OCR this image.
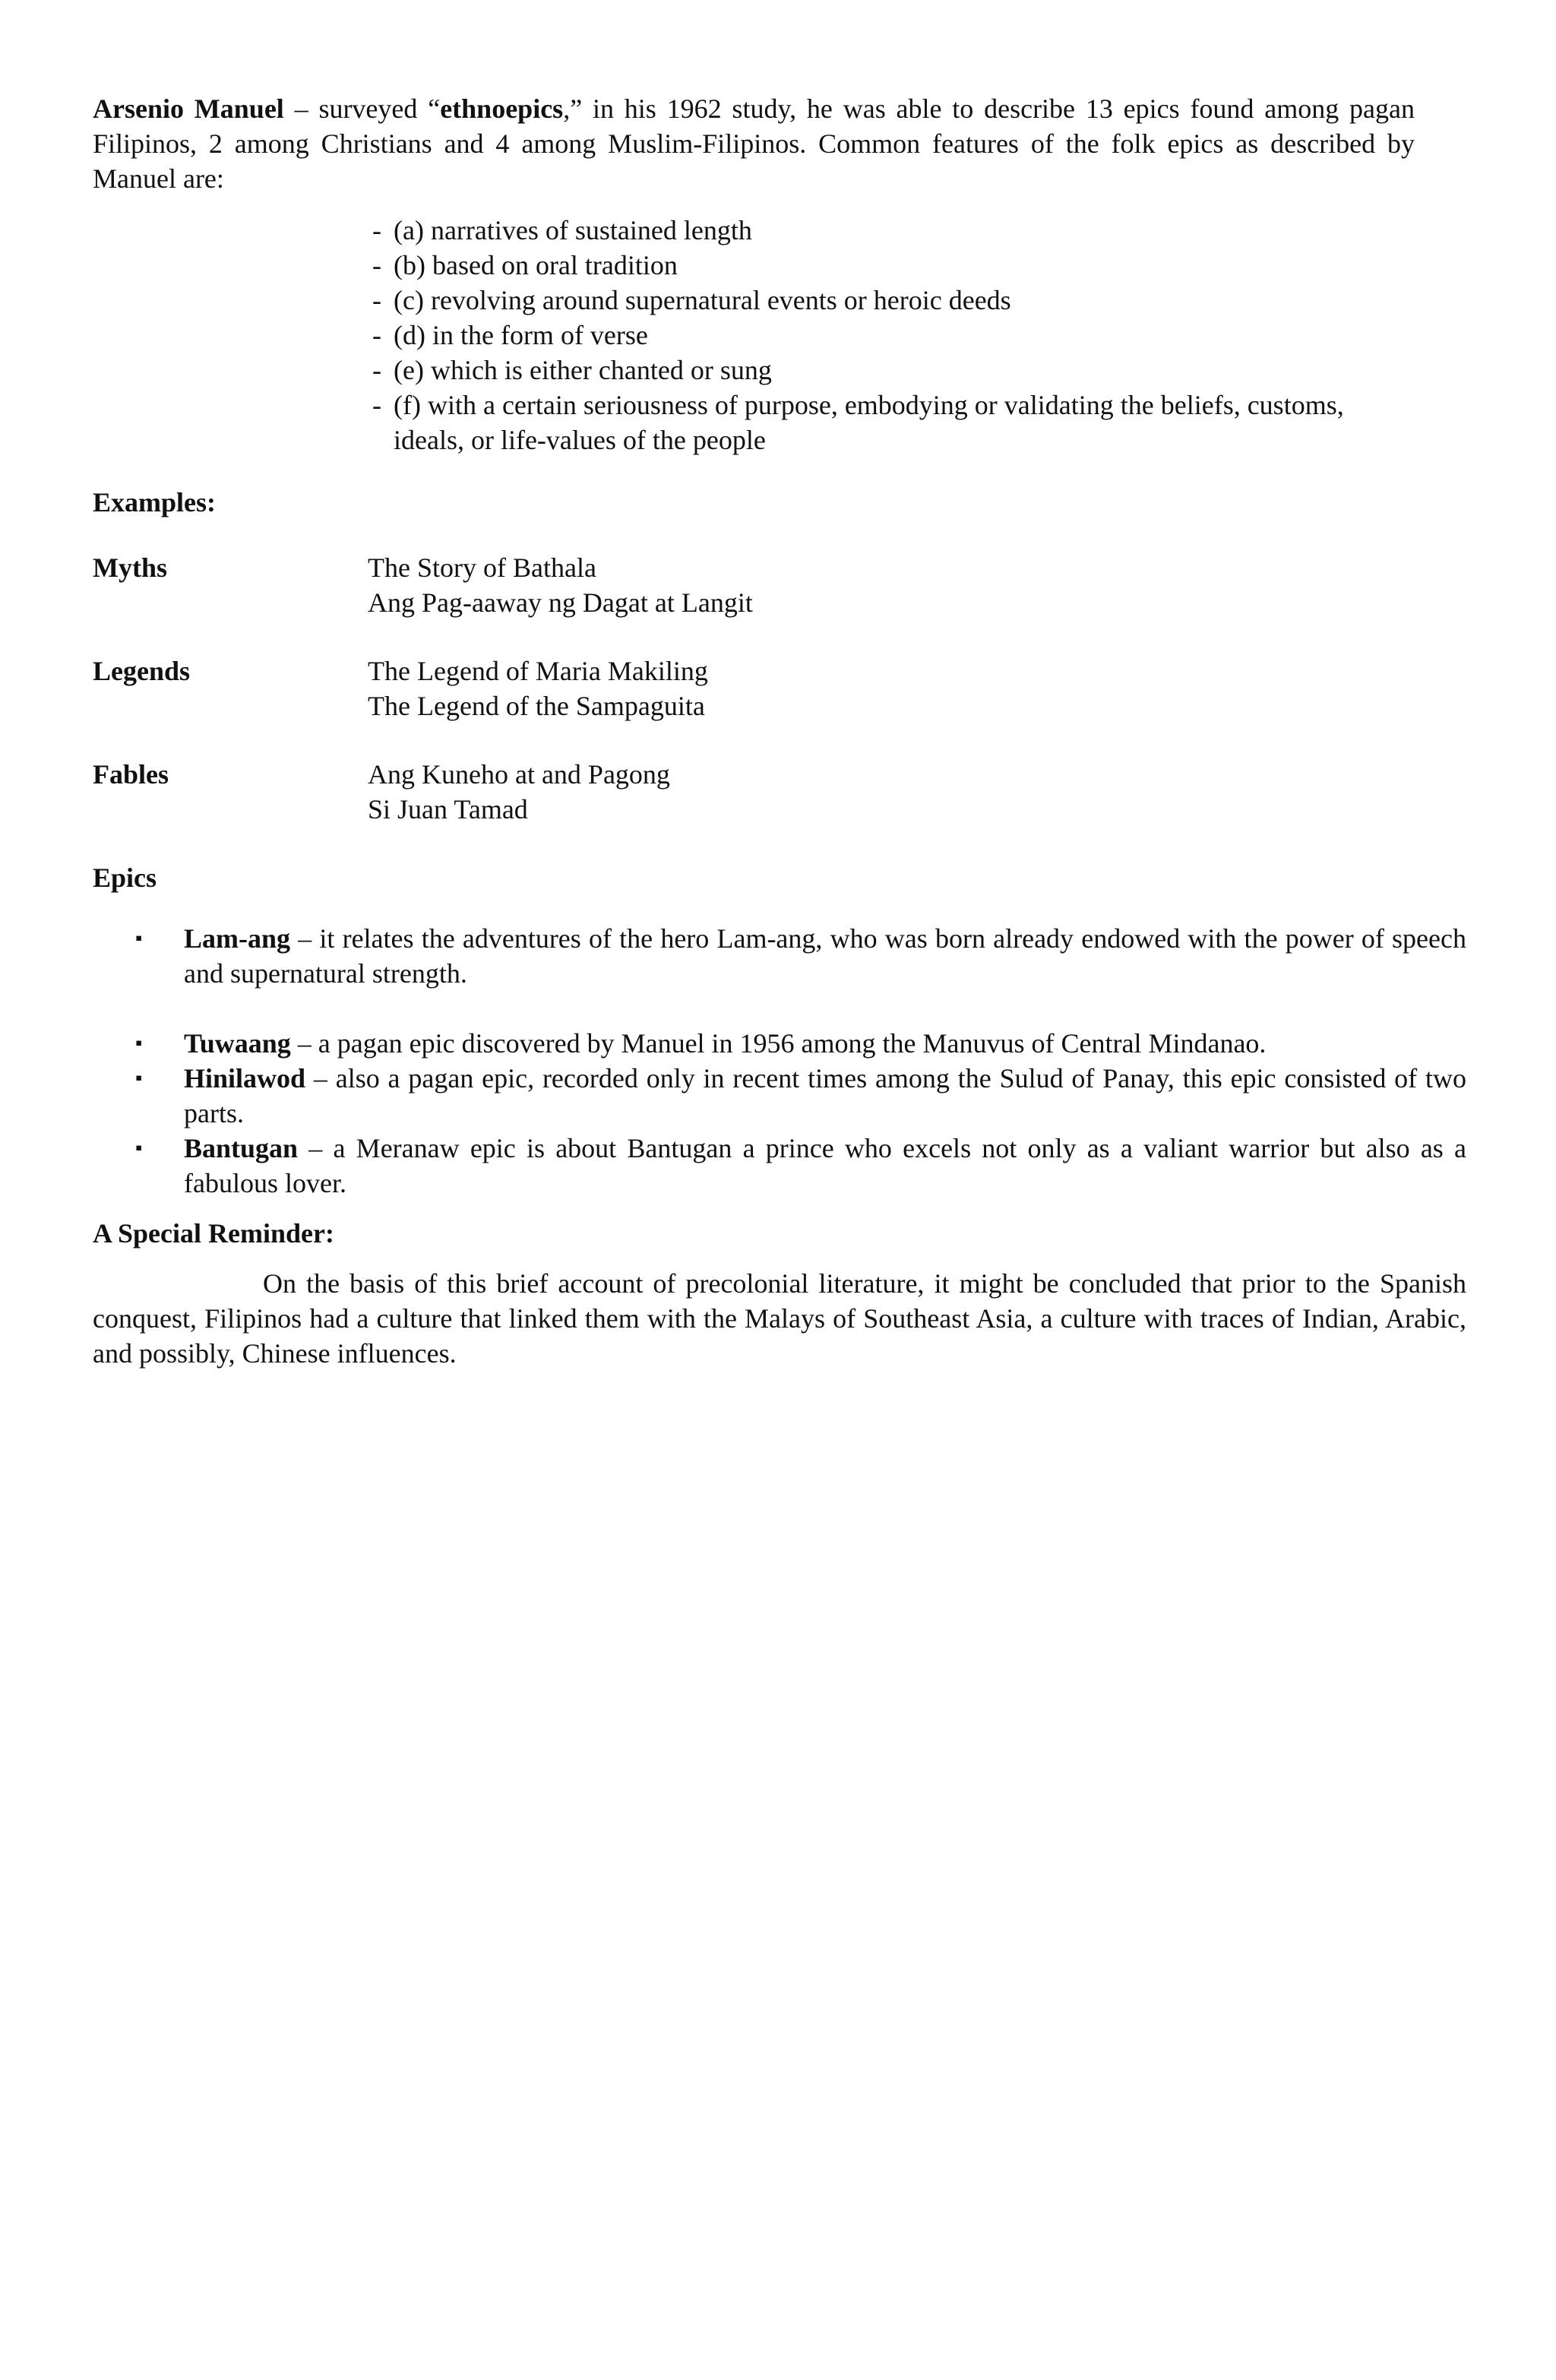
Arsenio Manuel – surveyed “ethnoepics,” in his 1962 study, he was able to describe 13 epics found among pagan Filipinos, 2 among Christians and 4 among Muslim-Filipinos. Common features of the folk epics as described by Manuel are:

- (a) narratives of sustained length
- (b) based on oral tradition
- (c) revolving around supernatural events or heroic deeds
- (d) in the form of verse
- (e) which is either chanted or sung
- (f) with a certain seriousness of purpose, embodying or validating the beliefs, customs, ideals, or life-values of the people

Examples:

Myths	The Story of Bathala
Ang Pag-aaway ng Dagat at Langit
Legends	The Legend of Maria Makiling
The Legend of the Sampaguita
Fables	Ang Kuneho at and Pagong
Si Juan Tamad

Epics

▪ Lam-ang – it relates the adventures of the hero Lam-ang, who was born already endowed with the power of speech and supernatural strength.
▪ Tuwaang – a pagan epic discovered by Manuel in 1956 among the Manuvus of Central Mindanao.
▪ Hinilawod – also a pagan epic, recorded only in recent times among the Sulud of Panay, this epic consisted of two parts.
▪ Bantugan – a Meranaw epic is about Bantugan a prince who excels not only as a valiant warrior but also as a fabulous lover.

A Special Reminder:

On the basis of this brief account of precolonial literature, it might be concluded that prior to the Spanish conquest, Filipinos had a culture that linked them with the Malays of Southeast Asia, a culture with traces of Indian, Arabic, and possibly, Chinese influences.
